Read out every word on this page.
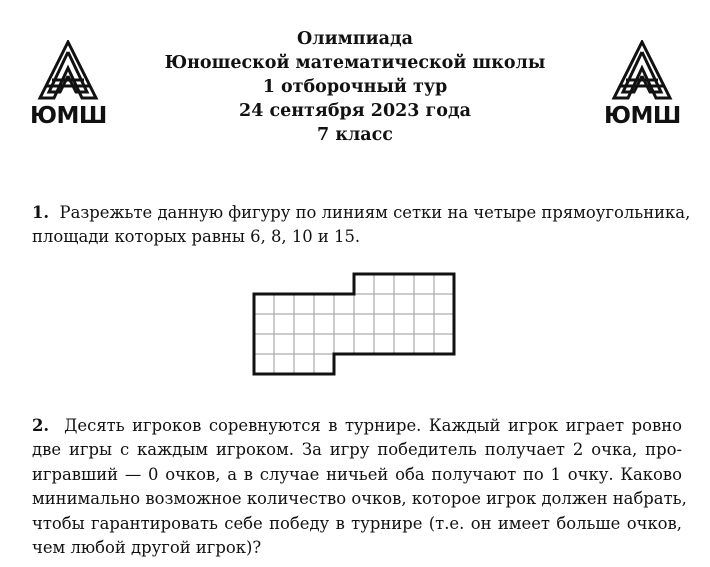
ЮМШ	ЮМШ
Олимпиада
Юношеской математической школы
1 отборочный тур
24 сентября 2023 года
7 класс
1. Разрежьте данную фигуру по линиям сетки на четыре прямоугольника,
площади которых равны 6, 8, 10 и 15.
2. Десять игроков соревнуются в турнире. Каждый игрок играет ровно
две игры с каждым игроком. За игру победитель получает 2 очка, про-
игравший — 0 очков, а в случае ничьей оба получают по 1 очку. Каково
минимально возможное количество очков, которое игрок должен набрать,
чтобы гарантировать себе победу в турнире (т.е. он имеет больше очков,
чем любой другой игрок)?
